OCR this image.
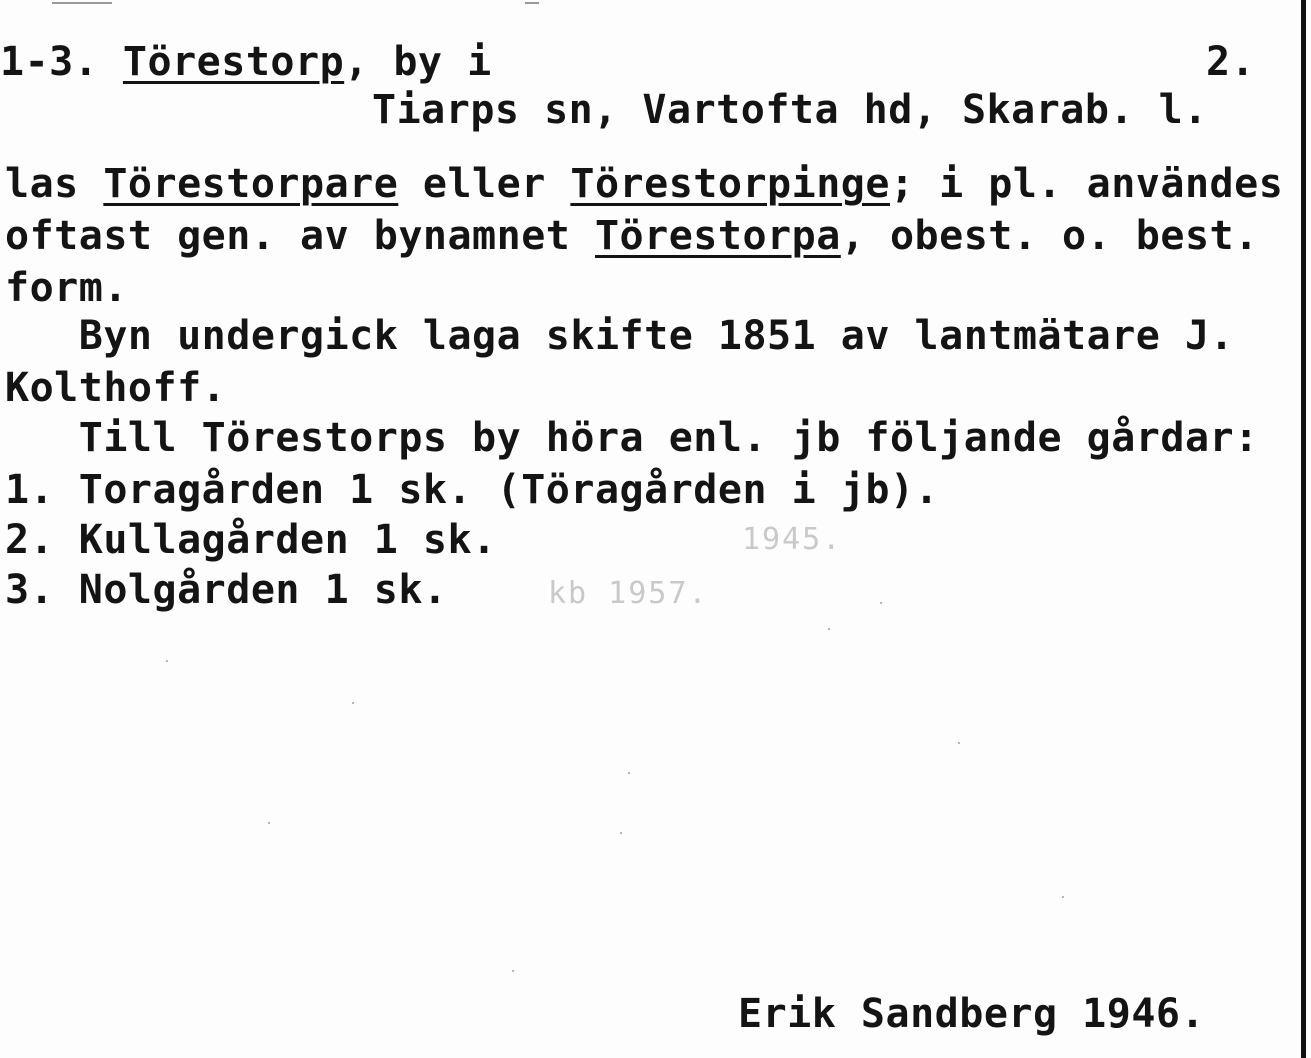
1-3. Törestorp, by i	2.
Tiarps sn, Vartofta hd, Skarab. l.
las Törestorpare eller Törestorpinge; i pl. användes
oftast gen. av bynamnet Törestorpa, obest. o. best.
form.
Byn undergick laga skifte 1851 av lantmätare J.
Kolthoff.
Till Törestorps by höra enl. jb följande gårdar:
1. Toragården 1 sk. (Töragården i jb).
2. Kullagården 1 sk.
3. Nolgården 1 sk.
1945.
kb 1957.
Erik Sandberg 1946.
